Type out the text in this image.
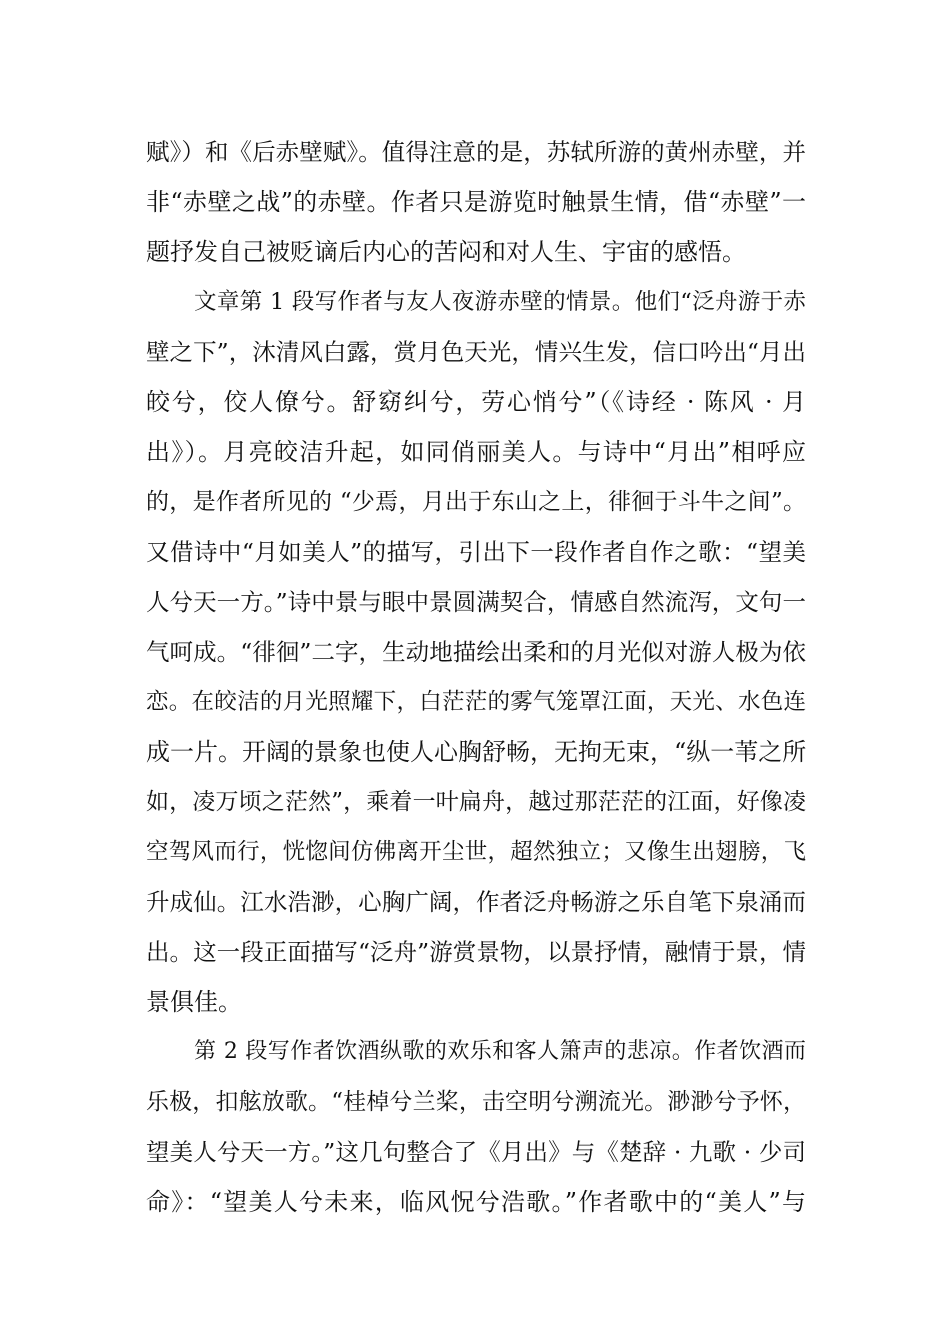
赋》）和《后赤壁赋》。值得注意的是，苏轼所游的黄州赤壁，并
非“赤壁之战”的赤壁。作者只是游览时触景生情，借“赤壁”一
题抒发自己被贬谪后内心的苦闷和对人生、宇宙的感悟。
文章第 1 段写作者与友人夜游赤壁的情景。他们“泛舟游于赤
壁之下”，沐清风白露，赏月色天光，情兴生发，信口吟出“月出
皎兮，佼人僚兮。舒窈纠兮，劳心悄兮”（《诗经 · 陈风 · 月
出》）。月亮皎洁升起，如同俏丽美人。与诗中“月出”相呼应
的，是作者所见的 “少焉，月出于东山之上，徘徊于斗牛之间”。
又借诗中“月如美人”的描写，引出下一段作者自作之歌：“望美
人兮天一方。”诗中景与眼中景圆满契合，情感自然流泻，文句一
气呵成。“徘徊”二字，生动地描绘出柔和的月光似对游人极为依
恋。在皎洁的月光照耀下，白茫茫的雾气笼罩江面，天光、水色连
成一片。开阔的景象也使人心胸舒畅，无拘无束，“纵一苇之所
如，凌万顷之茫然”，乘着一叶扁舟，越过那茫茫的江面，好像凌
空驾风而行，恍惚间仿佛离开尘世，超然独立；又像生出翅膀，飞
升成仙。江水浩渺，心胸广阔，作者泛舟畅游之乐自笔下泉涌而
出。这一段正面描写“泛舟”游赏景物，以景抒情，融情于景，情
景俱佳。
第 2 段写作者饮酒纵歌的欢乐和客人箫声的悲凉。作者饮酒而
乐极，扣舷放歌。“桂棹兮兰桨，击空明兮溯流光。渺渺兮予怀，
望美人兮天一方。”这几句整合了《月出》与《楚辞 · 九歌 · 少司
命》：“望美人兮未来，临风怳兮浩歌。”作者歌中的“美人”与
